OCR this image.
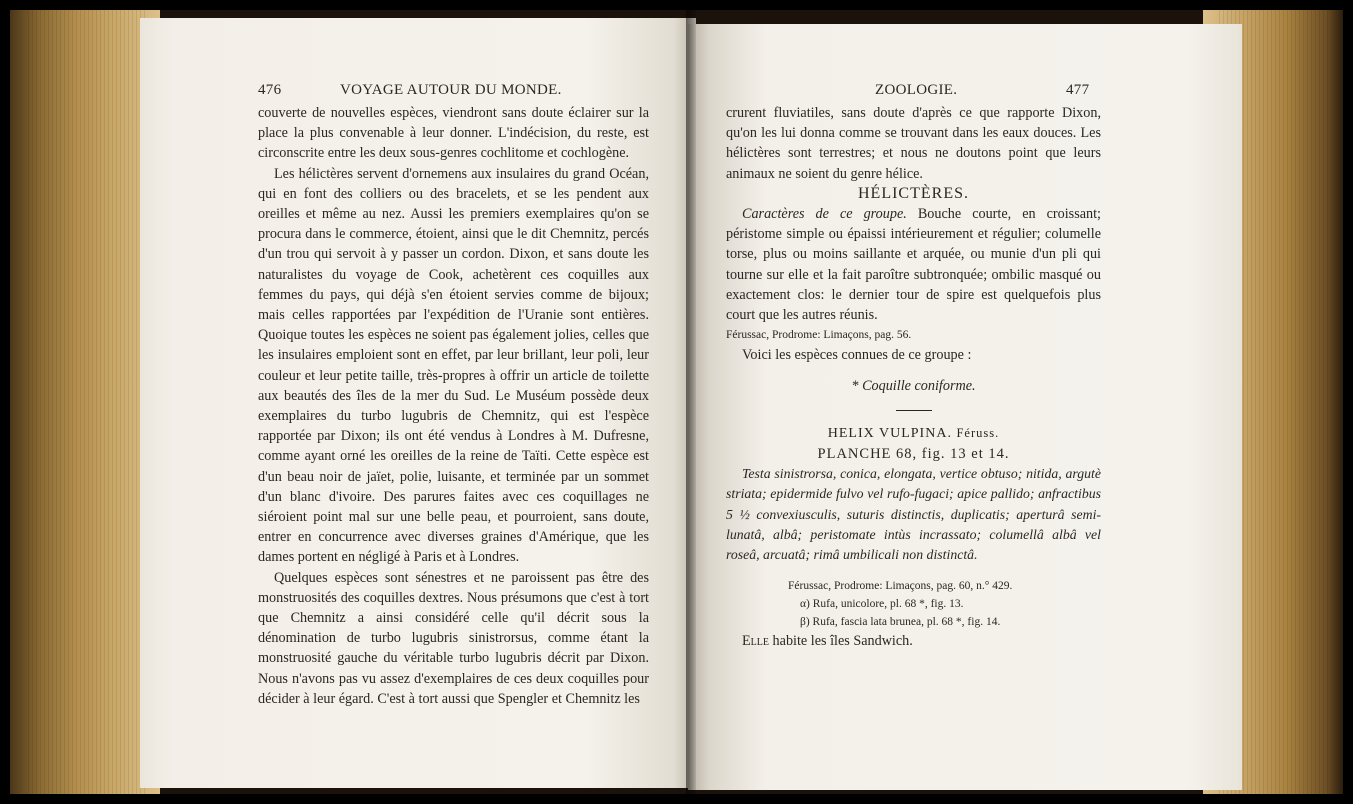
476	VOYAGE AUTOUR DU MONDE.

couverte de nouvelles espèces, viendront sans doute éclairer sur la place la plus convenable à leur donner. L'indécision, du reste, est circonscrite entre les deux sous-genres cochlitome et cochlogène.

Les hélictères servent d'ornemens aux insulaires du grand Océan, qui en font des colliers ou des bracelets, et se les pendent aux oreilles et même au nez. Aussi les premiers exemplaires qu'on se procura dans le commerce, étoient, ainsi que le dit Chemnitz, percés d'un trou qui servoit à y passer un cordon. Dixon, et sans doute les naturalistes du voyage de Cook, achetèrent ces coquilles aux femmes du pays, qui déjà s'en étoient servies comme de bijoux; mais celles rapportées par l'expédition de l'Uranie sont entières. Quoique toutes les espèces ne soient pas également jolies, celles que les insulaires emploient sont en effet, par leur brillant, leur poli, leur couleur et leur petite taille, très-propres à offrir un article de toilette aux beautés des îles de la mer du Sud. Le Muséum possède deux exemplaires du turbo lugubris de Chemnitz, qui est l'espèce rapportée par Dixon; ils ont été vendus à Londres à M. Dufresne, comme ayant orné les oreilles de la reine de Taïti. Cette espèce est d'un beau noir de jaïet, polie, luisante, et terminée par un sommet d'un blanc d'ivoire. Des parures faites avec ces coquillages ne siéroient point mal sur une belle peau, et pourroient, sans doute, entrer en concurrence avec diverses graines d'Amérique, que les dames portent en négligé à Paris et à Londres.

Quelques espèces sont sénestres et ne paroissent pas être des monstruosités des coquilles dextres. Nous présumons que c'est à tort que Chemnitz a ainsi considéré celle qu'il décrit sous la dénomination de turbo lugubris sinistrorsus, comme étant la monstruosité gauche du véritable turbo lugubris décrit par Dixon. Nous n'avons pas vu assez d'exemplaires de ces deux coquilles pour décider à leur égard. C'est à tort aussi que Spengler et Chemnitz les

ZOOLOGIE.	477

crurent fluviatiles, sans doute d'après ce que rapporte Dixon, qu'on les lui donna comme se trouvant dans les eaux douces. Les hélictères sont terrestres; et nous ne doutons point que leurs animaux ne soient du genre hélice.

HÉLICTÈRES.

Caractères de ce groupe. Bouche courte, en croissant; péristome simple ou épaissi intérieurement et régulier; columelle torse, plus ou moins saillante et arquée, ou munie d'un pli qui tourne sur elle et la fait paroître subtronquée; ombilic masqué ou exactement clos: le dernier tour de spire est quelquefois plus court que les autres réunis.

Férussac, Prodrome: Limaçons, pag. 56.

Voici les espèces connues de ce groupe :

* Coquille coniforme.

HELIX VULPINA. Féruss.

PLANCHE 68, fig. 13 et 14.

Testa sinistrorsa, conica, elongata, vertice obtuso; nitida, argutè striata; epidermide fulvo vel rufo-fugaci; apice pallido; anfractibus 5 ½ convexiusculis, suturis distinctis, duplicatis; aperturâ semi-lunatâ, albâ; peristomate intùs incrassato; columellâ albâ vel roseâ, arcuatâ; rimâ umbilicali non distinctâ.

Férussac, Prodrome: Limaçons, pag. 60, n.° 429.
α) Rufa, unicolore, pl. 68 *, fig. 13.
β) Rufa, fascia lata brunea, pl. 68 *, fig. 14.

Elle habite les îles Sandwich.
